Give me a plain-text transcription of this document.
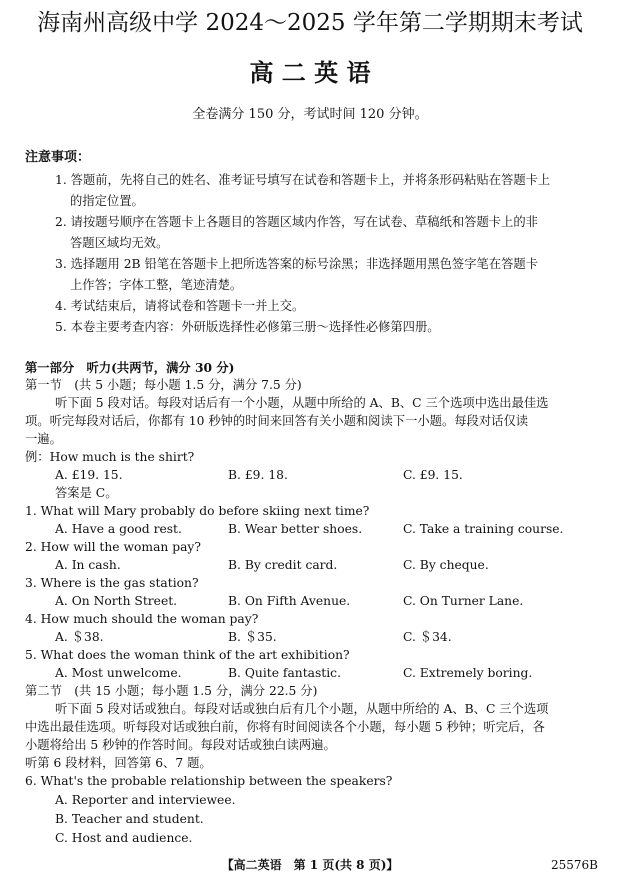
海南州高级中学 2024～2025 学年第二学期期末考试
高 二 英 语
全卷满分 150 分，考试时间 120 分钟。
注意事项：
1. 答题前，先将自己的姓名、准考证号填写在试卷和答题卡上，并将条形码粘贴在答题卡上
的指定位置。
2. 请按题号顺序在答题卡上各题目的答题区域内作答，写在试卷、草稿纸和答题卡上的非
答题区域均无效。
3. 选择题用 2B 铅笔在答题卡上把所选答案的标号涂黑；非选择题用黑色签字笔在答题卡
上作答；字体工整，笔迹清楚。
4. 考试结束后，请将试卷和答题卡一并上交。
5. 本卷主要考查内容：外研版选择性必修第三册～选择性必修第四册。
第一部分　听力(共两节，满分 30 分)
第一节　(共 5 小题；每小题 1.5 分，满分 7.5 分)
听下面 5 段对话。每段对话后有一个小题，从题中所给的 A、B、C 三个选项中选出最佳选
项。听完每段对话后，你都有 10 秒钟的时间来回答有关小题和阅读下一小题。每段对话仅读
一遍。
例：How much is the shirt?
A. £19. 15.	B. £9. 18.	C. £9. 15.
答案是 C。
1. What will Mary probably do before skiing next time?
A. Have a good rest.	B. Wear better shoes.	C. Take a training course.
2. How will the woman pay?
A. In cash.	B. By credit card.	C. By cheque.
3. Where is the gas station?
A. On North Street.	B. On Fifth Avenue.	C. On Turner Lane.
4. How much should the woman pay?
A. ＄38.	B. ＄35.	C. ＄34.
5. What does the woman think of the art exhibition?
A. Most unwelcome.	B. Quite fantastic.	C. Extremely boring.
第二节　(共 15 小题；每小题 1.5 分，满分 22.5 分)
听下面 5 段对话或独白。每段对话或独白后有几个小题，从题中所给的 A、B、C 三个选项
中选出最佳选项。听每段对话或独白前，你将有时间阅读各个小题，每小题 5 秒钟；听完后，各
小题将给出 5 秒钟的作答时间。每段对话或独白读两遍。
听第 6 段材料，回答第 6、7 题。
6. What's the probable relationship between the speakers?
A. Reporter and interviewee.
B. Teacher and student.
C. Host and audience.
【高二英语　第 1 页(共 8 页)】	25576B
